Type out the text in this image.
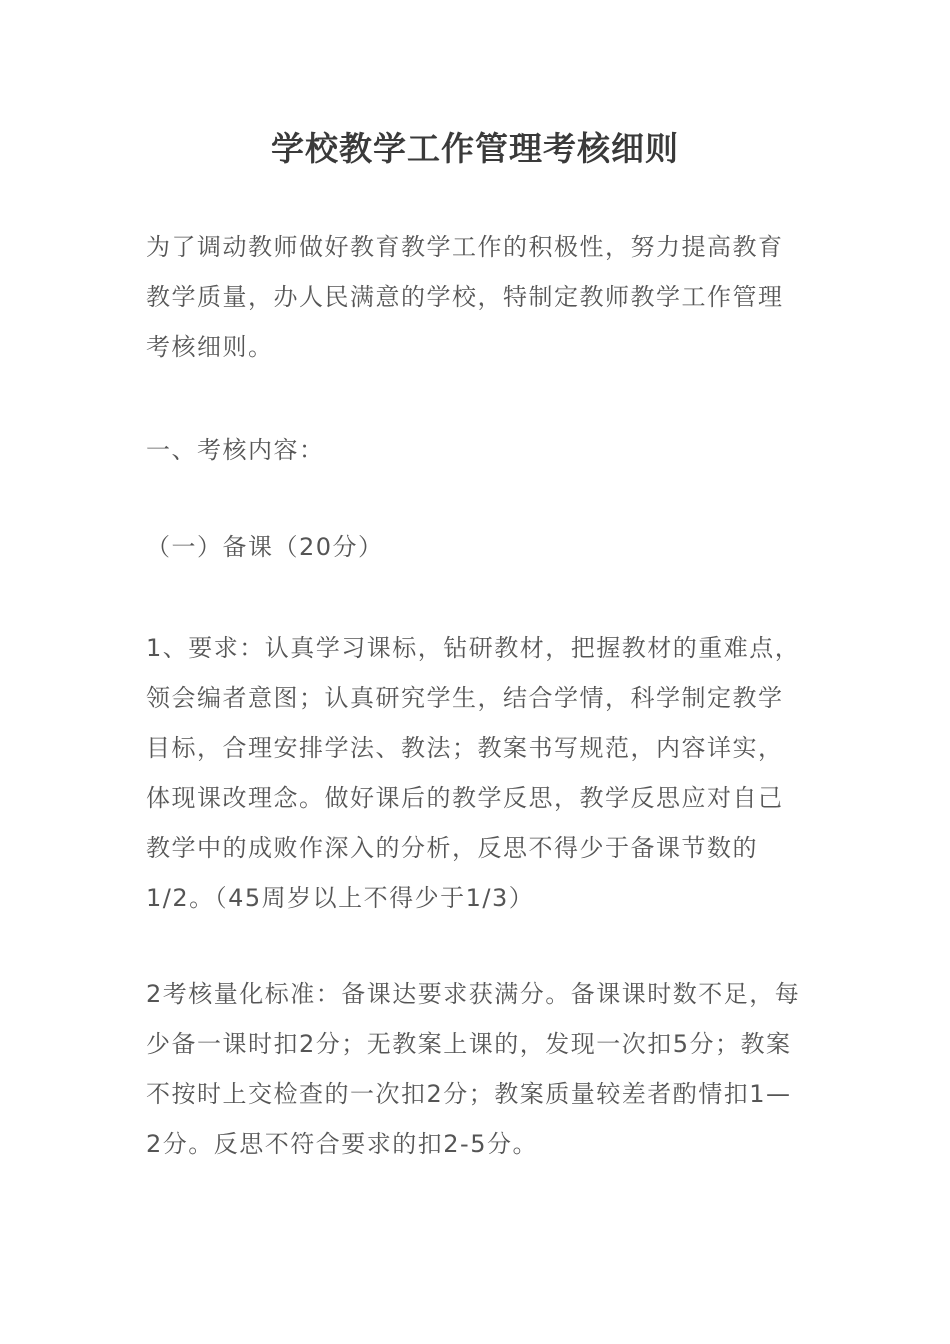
学校教学工作管理考核细则

为了调动教师做好教育教学工作的积极性，努力提高教育
教学质量，办人民满意的学校，特制定教师教学工作管理
考核细则。

一、考核内容：

（一）备课（20分）

1、要求：认真学习课标，钻研教材，把握教材的重难点，
领会编者意图；认真研究学生，结合学情，科学制定教学
目标，合理安排学法、教法；教案书写规范，内容详实，
体现课改理念。做好课后的教学反思，教学反思应对自己
教学中的成败作深入的分析，反思不得少于备课节数的
1/2。（45周岁以上不得少于1/3）

2考核量化标准：备课达要求获满分。备课课时数不足，每
少备一课时扣2分；无教案上课的，发现一次扣5分；教案
不按时上交检查的一次扣2分；教案质量较差者酌情扣1—
2分。反思不符合要求的扣2-5分。
